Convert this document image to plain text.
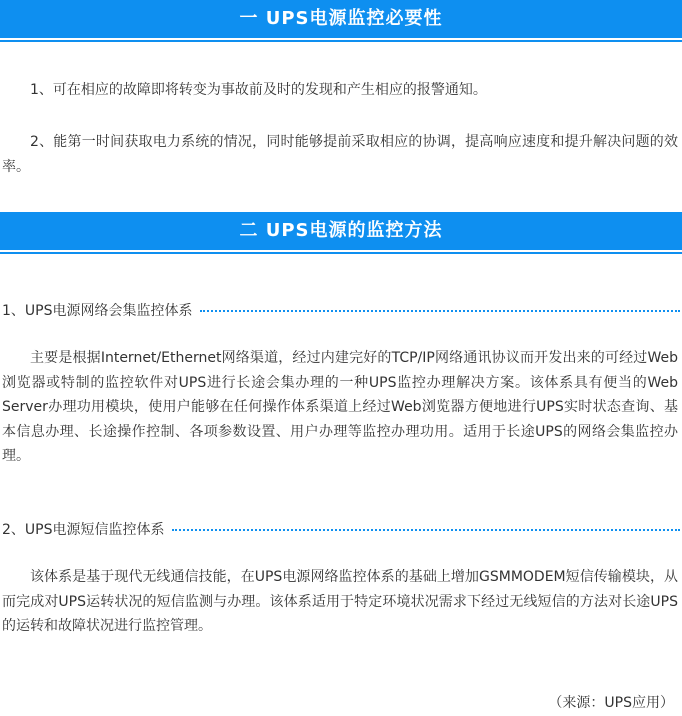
一 UPS电源监控必要性

1、可在相应的故障即将转变为事故前及时的发现和产生相应的报警通知。

2、能第一时间获取电力系统的情况，同时能够提前采取相应的协调，提高响应速度和提升解决问题的效率。

二 UPS电源的监控方法
1、UPS电源网络会集监控体系

主要是根据Internet/Ethernet网络渠道，经过内建完好的TCP/IP网络通讯协议而开发出来的可经过Web浏览器或特制的监控软件对UPS进行长途会集办理的一种UPS监控办理解决方案。该体系具有便当的Web Server办理功用模块，使用户能够在任何操作体系渠道上经过Web浏览器方便地进行UPS实时状态查询、基本信息办理、长途操作控制、各项参数设置、用户办理等监控办理功用。适用于长途UPS的网络会集监控办理。

2、UPS电源短信监控体系

该体系是基于现代无线通信技能，在UPS电源网络监控体系的基础上增加GSMMODEM短信传输模块，从而完成对UPS运转状况的短信监测与办理。该体系适用于特定环境状况需求下经过无线短信的方法对长途UPS的运转和故障状况进行监控管理。

（来源：UPS应用）
